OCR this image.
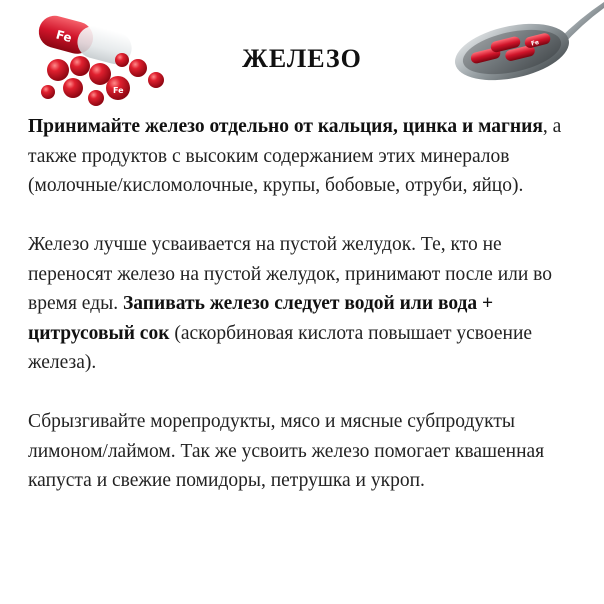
Fe
Fe
Fe
ЖЕЛЕЗО

Принимайте железо отдельно от кальция, цинка и магния, а также продуктов с высоким содержанием этих минералов (молочные/кисломолочные, крупы, бобовые, отруби, яйцо).

Железо лучше усваивается на пустой желудок. Те, кто не переносят железо на пустой желудок, принимают после или во время еды. Запивать железо следует водой или вода + цитрусовый сок (аскорбиновая кислота повышает усвоение железа).

Сбрызгивайте морепродукты, мясо и мясные субпродукты лимоном/лаймом. Так же усвоить железо помогает квашенная капуста и свежие помидоры, петрушка и укроп.
